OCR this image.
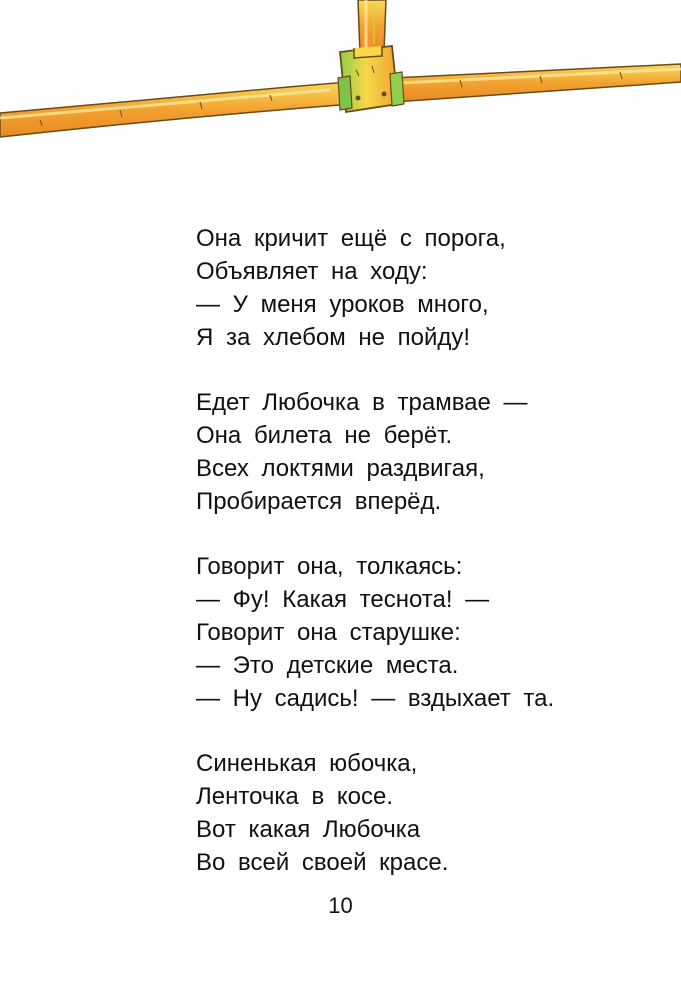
Она кричит ещё с порога,
Объявляет на ходу:
— У меня уроков много,
Я за хлебом не пойду!
Едет Любочка в трамвае —
Она билета не берёт.
Всех локтями раздвигая,
Пробирается вперёд.
Говорит она, толкаясь:
— Фу! Какая теснота! —
Говорит она старушке:
— Это детские места.
— Ну садись! — вздыхает та.
Синенькая юбочка,
Ленточка в косе.
Вот какая Любочка
Во всей своей красе.
10
